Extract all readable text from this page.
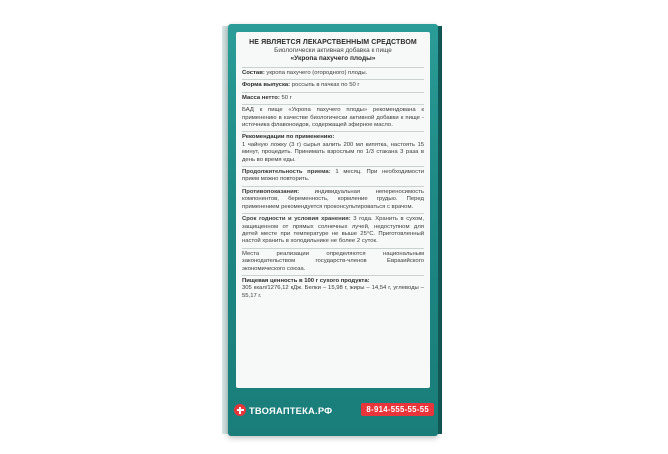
НЕ ЯВЛЯЕТСЯ ЛЕКАРСТВЕННЫМ СРЕДСТВОМ
Биологически активная добавка к пище
«Укропа пахучего плоды»
Состав: укропа пахучего (огородного) плоды.
Форма выпуска: россыпь в пачках по 50 г
Масса нетто: 50 г
БАД к пище «Укропа пахучего плоды» рекомендована к применению в качестве биологически активной добавки к пище - источника флавоноидов, содержащей эфирное масло.
Рекомендации по применению:
1 чайную ложку (3 г) сырья залить 200 мл кипятка, настоять 15 минут, процедить. Принимать взрослым по 1/3 стакана 3 раза в день во время еды.
Продолжительность приема: 1 месяц. При необходимости прием можно повторить.
Противопоказания: индивидуальная непереносимость компонентов, беременность, кормление грудью. Перед применением рекомендуется проконсультироваться с врачом.
Срок годности и условия хранения: 3 года. Хранить в сухом, защищенном от прямых солнечных лучей, недоступном для детей месте при температуре не выше 25°С. Приготовленный настой хранить в холодильнике не более 2 суток.
Места реализации определяются национальным законодательством государств-членов Евразийского экономического союза.
Пищевая ценность в 100 г сухого продукта:
305 ккал/1276,12 кДж. Белки – 15,98 г, жиры – 14,54 г, углеводы – 55,17 г.
ТВОЯАПТЕКА.РФ	8-914-555-55-55
